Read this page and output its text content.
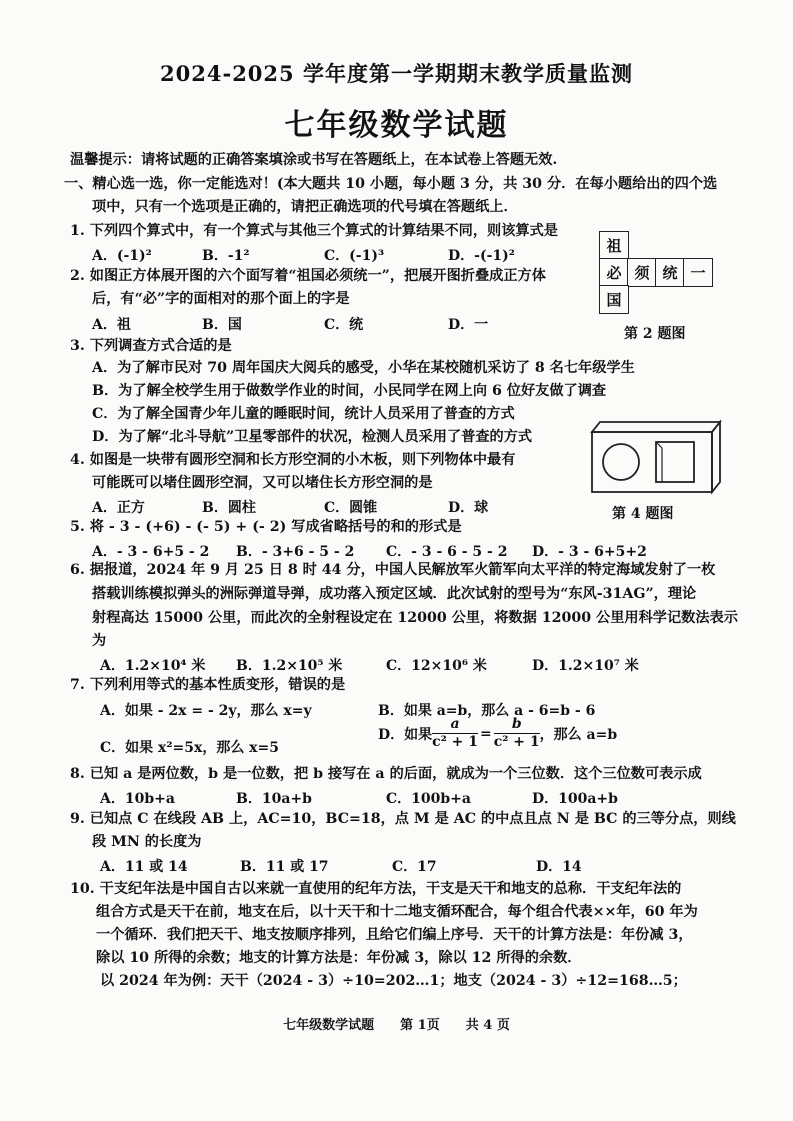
2024-2025 学年度第一学期期末教学质量监测
七年级数学试题
温馨提示：请将试题的正确答案填涂或书写在答题纸上，在本试卷上答题无效.
一、精心选一选，你一定能选对！(本大题共 10 小题，每小题 3 分，共 30 分．在每小题给出的四个选
项中，只有一个选项是正确的，请把正确选项的代号填在答题纸上．
1. 下列四个算式中，有一个算式与其他三个算式的计算结果不同，则该算式是
A．(-1)²	B．-1²	C．(-1)³	D．-(-1)²
祖
必 须 统 一
国
第 2 题图
2. 如图正方体展开图的六个面写着“祖国必须统一”，把展开图折叠成正方体
后，有“必”字的面相对的那个面上的字是
A．祖	B．国	C．统	D．一
3. 下列调查方式合适的是
A．为了解市民对 70 周年国庆大阅兵的感受，小华在某校随机采访了 8 名七年级学生
B．为了解全校学生用于做数学作业的时间，小民同学在网上向 6 位好友做了调查
C．为了解全国青少年儿童的睡眠时间，统计人员采用了普查的方式
D．为了解“北斗导航”卫星零部件的状况，检测人员采用了普查的方式
第 4 题图
4. 如图是一块带有圆形空洞和长方形空洞的小木板，则下列物体中最有
可能既可以堵住圆形空洞，又可以堵住长方形空洞的是
A．正方	B．圆柱	C．圆锥	D．球
5. 将 - 3 - (+6) - (- 5) + (- 2) 写成省略括号的和的形式是
A．- 3 - 6+5 - 2 B．- 3+6 - 5 - 2 C．- 3 - 6 - 5 - 2 D．- 3 - 6+5+2
6. 据报道，2024 年 9 月 25 日 8 时 44 分，中国人民解放军火箭军向太平洋的特定海域发射了一枚
搭载训练模拟弹头的洲际弹道导弹，成功落入预定区域．此次试射的型号为“东风-31AG”，理论
射程高达 15000 公里，而此次的全射程设定在 12000 公里，将数据 12000 公里用科学记数法表示
为
A．1.2×10⁴ 米 B．1.2×10⁵ 米	C．12×10⁶ 米	D．1.2×10⁷ 米
7. 下列利用等式的基本性质变形，错误的是
A．如果 - 2x = - 2y，那么 x=y	B．如果 a=b，那么 a - 6=b - 6
C．如果 x²=5x，那么 x=5
D．如果 $\frac{a}{\text{c² + 1}} = \frac{b}{\text{c² + 1}}$ ，那么 a=b
8. 已知 a 是两位数，b 是一位数，把 b 接写在 a 的后面，就成为一个三位数．这个三位数可表示成
A．10b+a	B．10a+b	C．100b+a	D．100a+b
9. 已知点 C 在线段 AB 上，AC=10，BC=18，点 M 是 AC 的中点且点 N 是 BC 的三等分点，则线
段 MN 的长度为
A．11 或 14	B．11 或 17	C．17	D．14
10. 干支纪年法是中国自古以来就一直使用的纪年方法，干支是天干和地支的总称．干支纪年法的
组合方式是天干在前，地支在后，以十天干和十二地支循环配合，每个组合代表××年，60 年为
一个循环．我们把天干、地支按顺序排列，且给它们编上序号．天干的计算方法是：年份减 3，
除以 10 所得的余数；地支的计算方法是：年份减 3，除以 12 所得的余数．
以 2024 年为例：天干（2024 - 3）÷10=202…1；地支（2024 - 3）÷12=168…5；
七年级数学试题　　第 1页　　共 4 页
